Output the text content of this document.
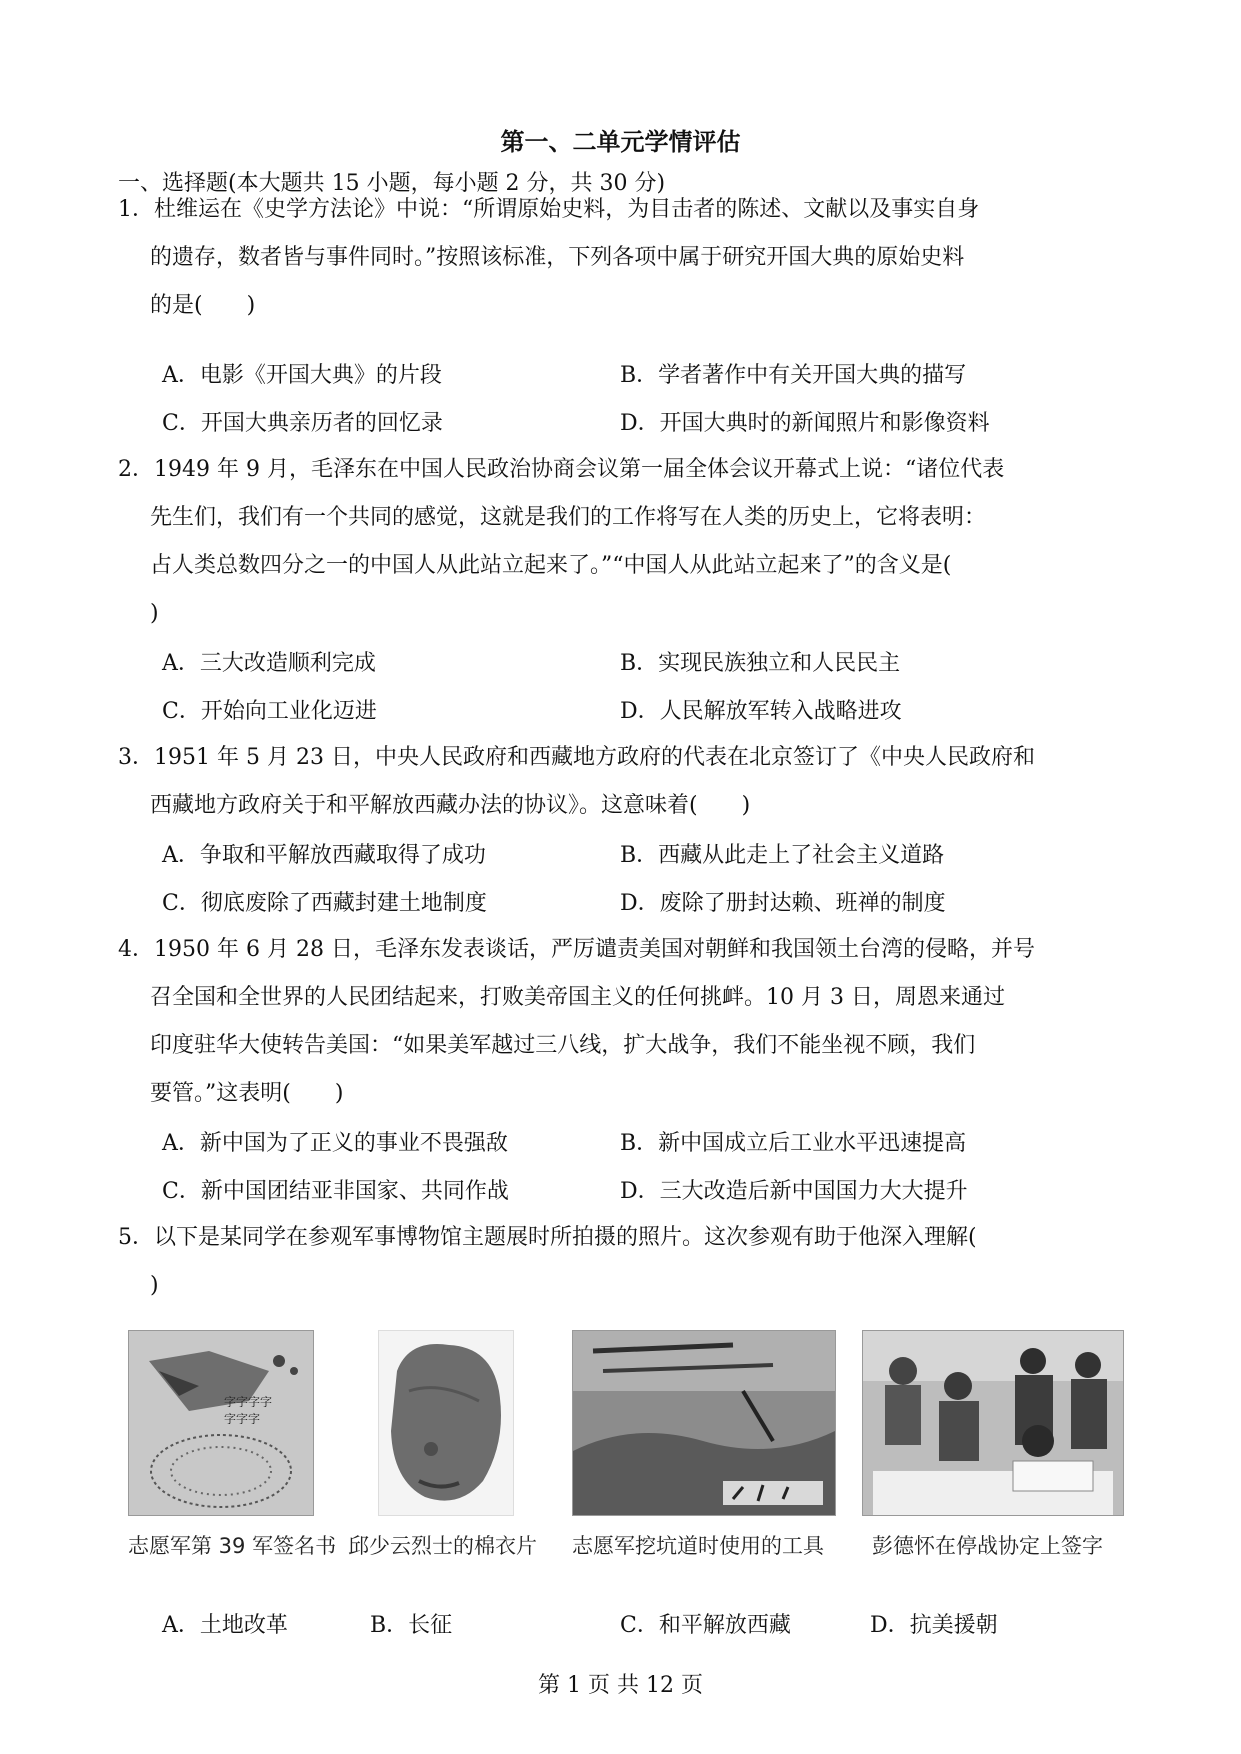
第一、二单元学情评估
一、选择题(本大题共 15 小题，每小题 2 分，共 30 分)

1．杜维运在《史学方法论》中说：“所谓原始史料，为目击者的陈述、文献以及事实自身

的遗存，数者皆与事件同时。”按照该标准，下列各项中属于研究开国大典的原始史料

的是(　　)

A．电影《开国大典》的片段	B．学者著作中有关开国大典的描写
C．开国大典亲历者的回忆录	D．开国大典时的新闻照片和影像资料

2．1949 年 9 月，毛泽东在中国人民政治协商会议第一届全体会议开幕式上说：“诸位代表

先生们，我们有一个共同的感觉，这就是我们的工作将写在人类的历史上，它将表明：

占人类总数四分之一的中国人从此站立起来了。”“中国人从此站立起来了”的含义是(

)

A．三大改造顺利完成	B．实现民族独立和人民民主
C．开始向工业化迈进	D．人民解放军转入战略进攻

3．1951 年 5 月 23 日，中央人民政府和西藏地方政府的代表在北京签订了《中央人民政府和

西藏地方政府关于和平解放西藏办法的协议》。这意味着(　　)

A．争取和平解放西藏取得了成功	B．西藏从此走上了社会主义道路
C．彻底废除了西藏封建土地制度	D．废除了册封达赖、班禅的制度

4．1950 年 6 月 28 日，毛泽东发表谈话，严厉谴责美国对朝鲜和我国领土台湾的侵略，并号

召全国和全世界的人民团结起来，打败美帝国主义的任何挑衅。10 月 3 日，周恩来通过

印度驻华大使转告美国：“如果美军越过三八线，扩大战争，我们不能坐视不顾，我们

要管。”这表明(　　)

A．新中国为了正义的事业不畏强敌	B．新中国成立后工业水平迅速提高
C．新中国团结亚非国家、共同作战	D．三大改造后新中国国力大大提升

5．以下是某同学在参观军事博物馆主题展时所拍摄的照片。这次参观有助于他深入理解(

)

字字字字
字字字
志愿军第 39 军签名书 邱少云烈士的棉衣片 志愿军挖坑道时使用的工具 彭德怀在停战协定上签字
A．土地改革	B．长征	C．和平解放西藏	D．抗美援朝
第 1 页 共 12 页
